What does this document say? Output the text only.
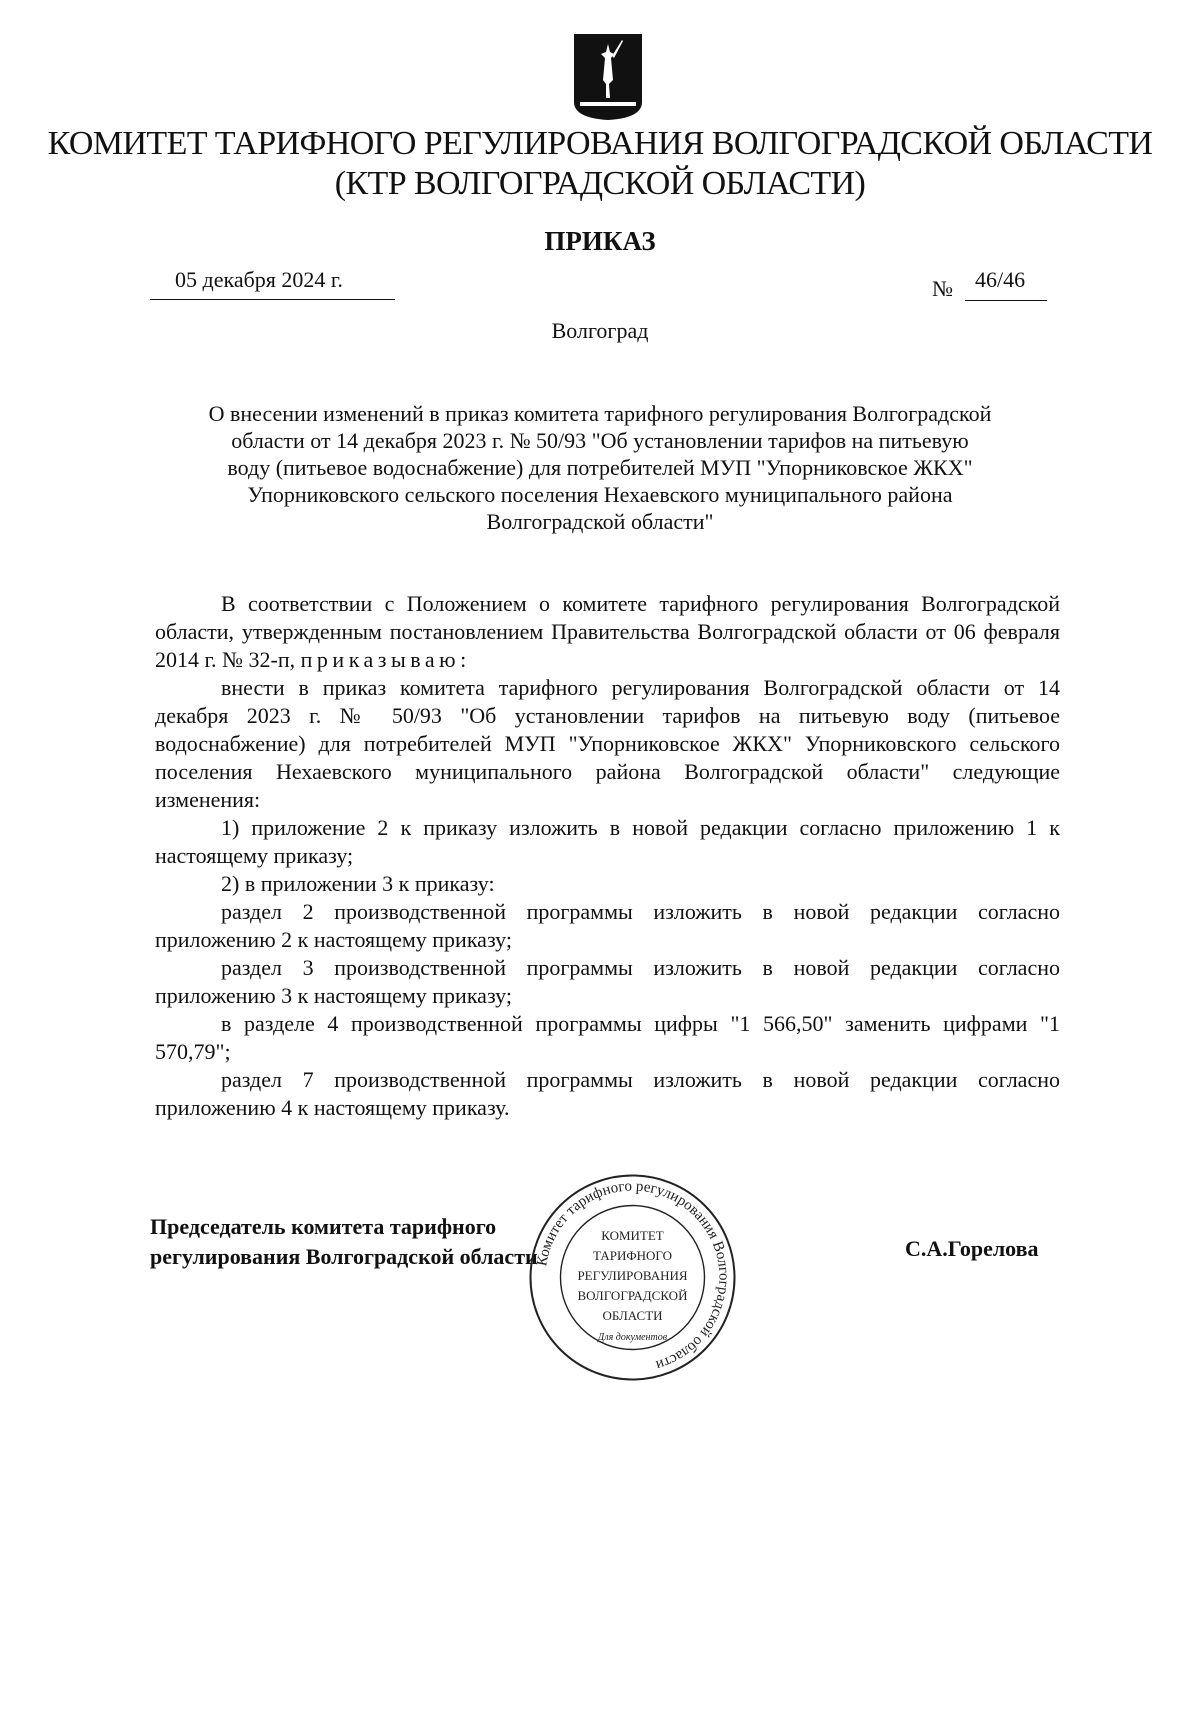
КОМИТЕТ ТАРИФНОГО РЕГУЛИРОВАНИЯ ВОЛГОГРАДСКОЙ ОБЛАСТИ
(КТР ВОЛГОГРАДСКОЙ ОБЛАСТИ)
ПРИКАЗ
05 декабря 2024 г.	№ 46/46
Волгоград
О внесении изменений в приказ комитета тарифного регулирования Волгоградской
области от 14 декабря 2023 г. № 50/93 "Об установлении тарифов на питьевую
воду (питьевое водоснабжение) для потребителей МУП "Упорниковское ЖКХ"
Упорниковского сельского поселения Нехаевского муниципального района
Волгоградской области"

В соответствии с Положением о комитете тарифного регулирования Волгоградской области, утвержденным постановлением Правительства Волгоградской области от 06 февраля 2014 г. № 32-п, приказываю:

внести в приказ комитета тарифного регулирования Волгоградской области от 14 декабря 2023 г. № 50/93 "Об установлении тарифов на питьевую воду (питьевое водоснабжение) для потребителей МУП "Упорниковское ЖКХ" Упорниковского сельского поселения Нехаевского муниципального района Волгоградской области" следующие изменения:

1) приложение 2 к приказу изложить в новой редакции согласно приложению 1 к настоящему приказу;

2) в приложении 3 к приказу:

раздел 2 производственной программы изложить в новой редакции согласно приложению 2 к настоящему приказу;

раздел 3 производственной программы изложить в новой редакции согласно приложению 3 к настоящему приказу;

в разделе 4 производственной программы цифры "1 566,50" заменить цифрами "1 570,79";

раздел 7 производственной программы изложить в новой редакции согласно приложению 4 к настоящему приказу.

Председатель комитета тарифного
регулирования Волгоградской области	С.А.Горелова
Комитет тарифного регулирования Волгоградской области
КОМИТЕТ
ТАРИФНОГО
РЕГУЛИРОВАНИЯ
ВОЛГОГРАДСКОЙ
ОБЛАСТИ
Для документов
